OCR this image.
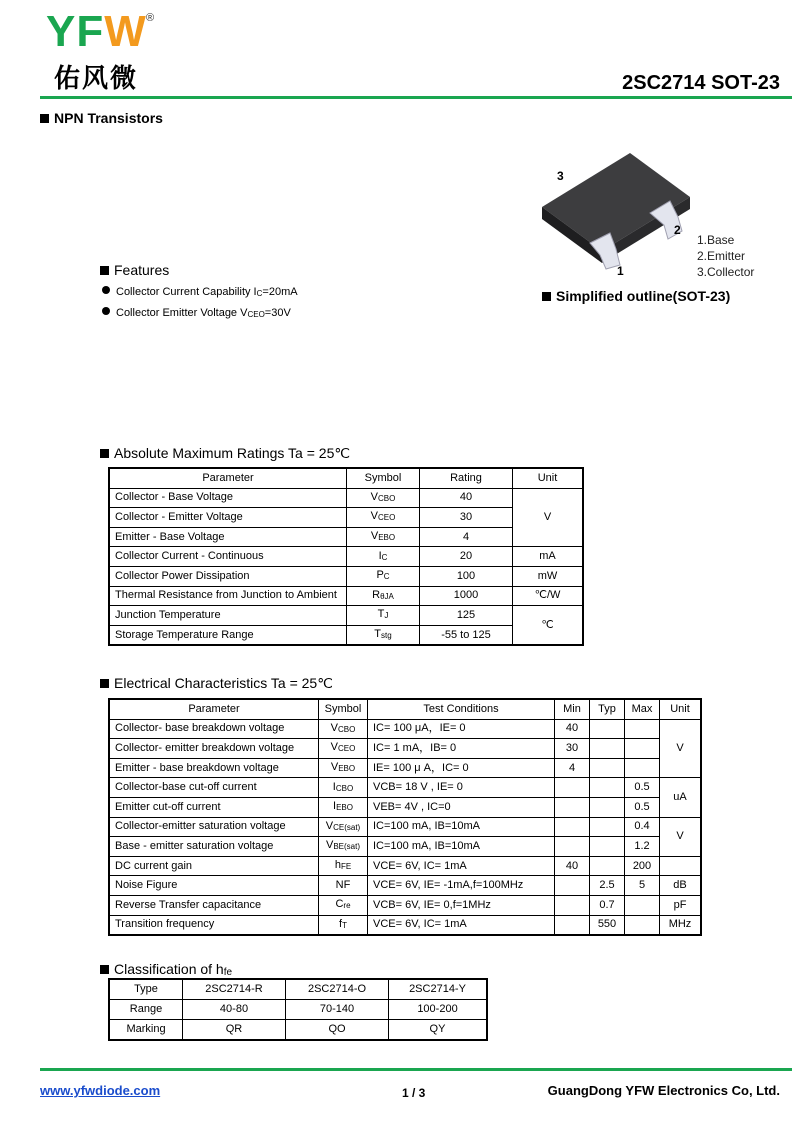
YFW ®
佑风微	2SC2714 SOT-23
NPN Transistors
Features
Collector Current Capability $I_C=20mA$
Collector Emitter Voltage $V_{CEO}=30V$
3
2
1
1.Base
2.Emitter
3.Collector
Simplified outline(SOT-23)
Absolute Maximum Ratings Ta = 25℃
Parameter	Symbol	Rating	Unit
Collector - Base Voltage	$V_{CBO}$	40	V
Collector - Emitter Voltage	$V_{CEO}$	30	
Emitter - Base Voltage	$V_{EBO}$	4	
Collector Current - Continuous	$I_C$	20	mA
Collector Power Dissipation	$P_C$	100	mW
Thermal Resistance from Junction to Ambient	$R_{\theta JA}$	1000	℃/W
Junction Temperature	$T_J$	125	℃
Storage Temperature Range	$T_{stg}$	-55 to 125	
Electrical Characteristics Ta = 25℃
Parameter	Symbol	Test Conditions	Min	Typ	Max	Unit
Collector- base breakdown voltage	$V_{CBO}$	IC= 100 μA，IE= 0	40			V
Collector- emitter breakdown voltage	$V_{CEO}$	IC= 1 mA，IB= 0	30			
Emitter - base breakdown voltage	$V_{EBO}$	IE= 100 μ A，IC= 0	4			
Collector-base cut-off current	$I_{CBO}$	VCB= 18 V , IE= 0			0.5	uA
Emitter cut-off current	$I_{EBO}$	VEB= 4V , IC=0			0.5	
Collector-emitter saturation voltage	$V_{CE(sat)}$	IC=100 mA, IB=10mA			0.4	V
Base - emitter saturation voltage	$V_{BE(sat)}$	IC=100 mA, IB=10mA			1.2	
DC current gain	$h_{FE}$	VCE= 6V, IC= 1mA	40		200	
Noise Figure	NF	VCE= 6V, IE= -1mA,f=100MHz		2.5	5	dB
Reverse Transfer capacitance	$C_{re}$	VCB= 6V, IE= 0,f=1MHz		0.7		pF
Transition frequency	$f_T$	VCE= 6V, IC= 1mA		550		MHz
Classification of $h_{fe}$
Type	2SC2714-R	2SC2714-O	2SC2714-Y
Range	40-80	70-140	100-200
Marking	QR	QO	QY
www.yfwdiode.com	1 / 3	GuangDong YFW Electronics Co, Ltd.
